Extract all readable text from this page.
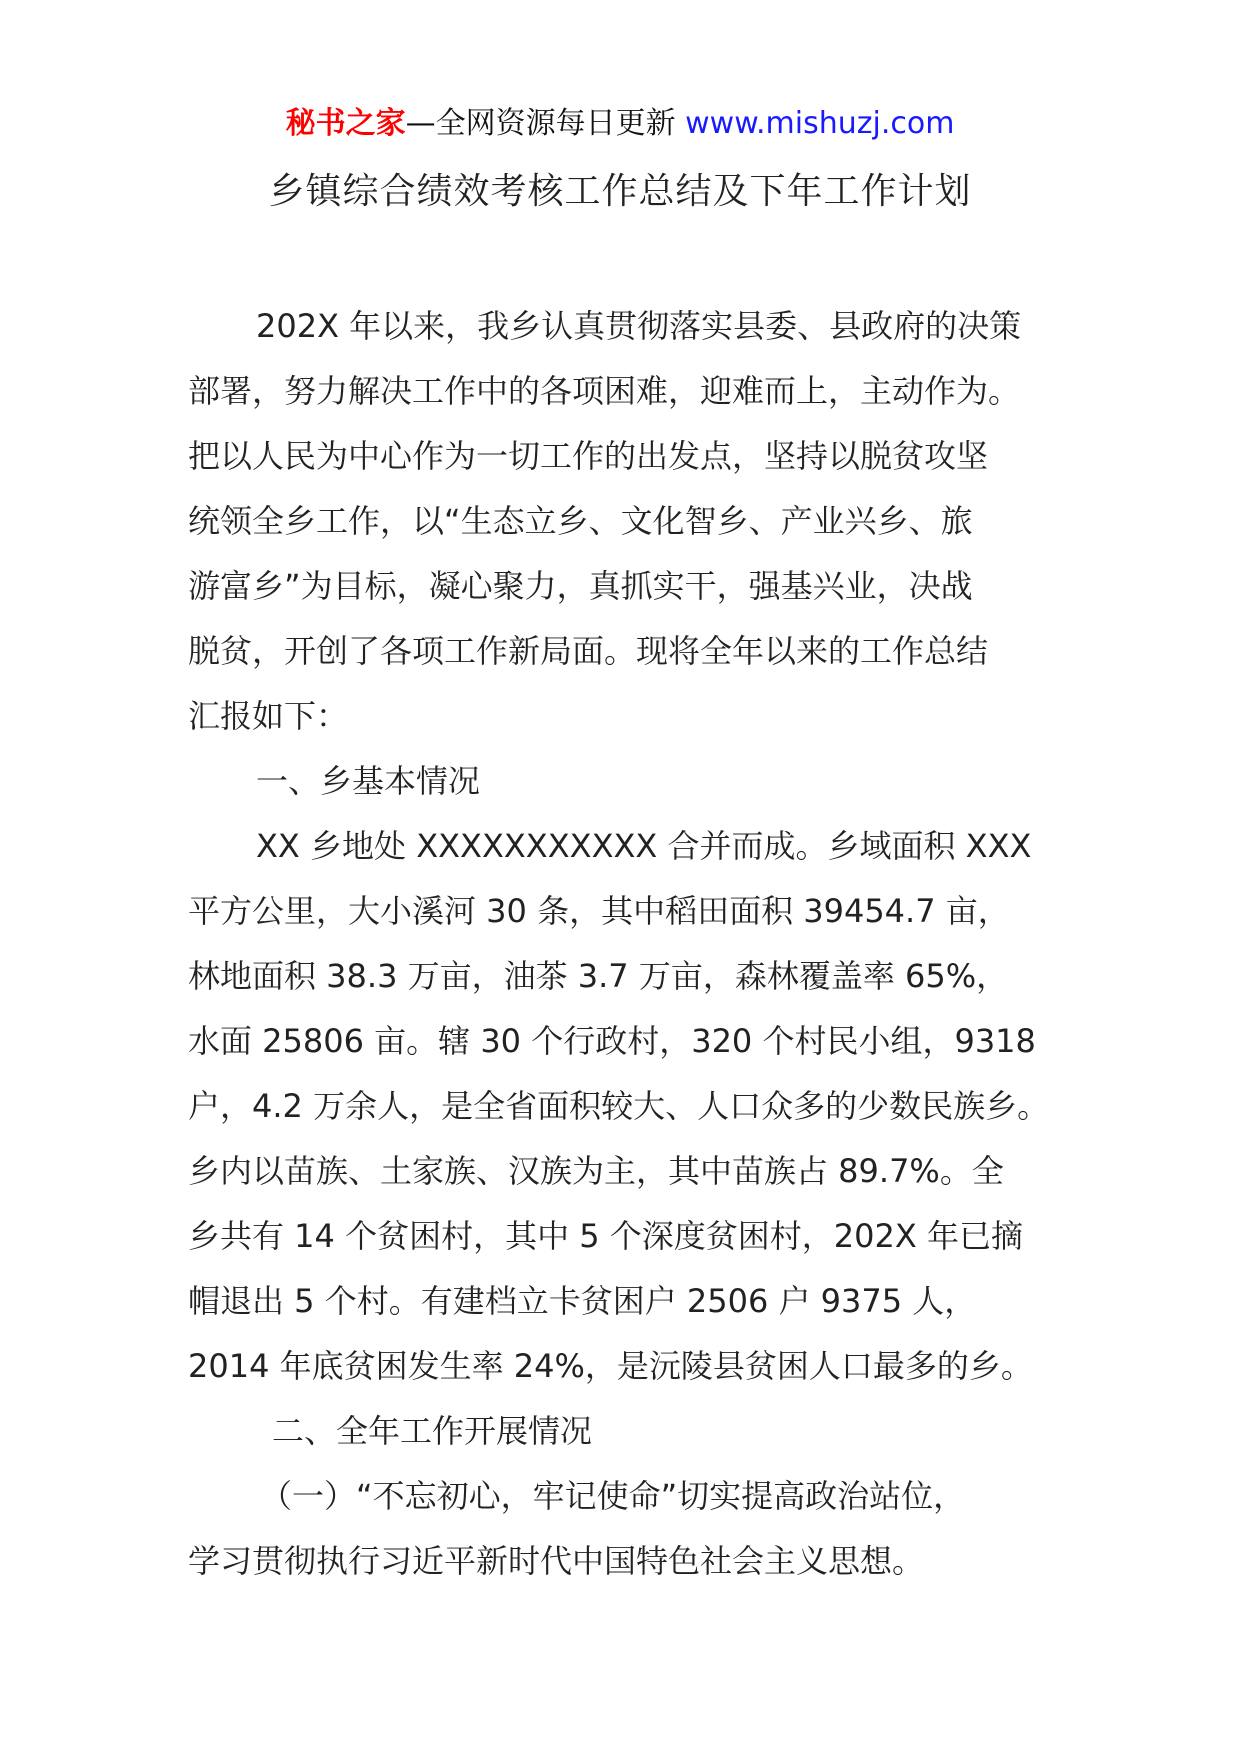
秘书之家—全网资源每日更新 www.mishuzj.com
乡镇综合绩效考核工作总结及下年工作计划
202X 年以来，我乡认真贯彻落实县委、县政府的决策
部署，努力解决工作中的各项困难，迎难而上，主动作为。
把以人民为中心作为一切工作的出发点，坚持以脱贫攻坚
统领全乡工作，以“生态立乡、文化智乡、产业兴乡、旅
游富乡”为目标，凝心聚力，真抓实干，强基兴业，决战
脱贫，开创了各项工作新局面。现将全年以来的工作总结
汇报如下：
一、乡基本情况
XX 乡地处 XXXXXXXXXXX 合并而成。乡域面积 XXX
平方公里，大小溪河 30 条，其中稻田面积 39454.7 亩，
林地面积 38.3 万亩，油茶 3.7 万亩，森林覆盖率 65%，
水面 25806 亩。辖 30 个行政村，320 个村民小组，9318
户，4.2 万余人，是全省面积较大、人口众多的少数民族乡。
乡内以苗族、土家族、汉族为主，其中苗族占 89.7%。全
乡共有 14 个贫困村，其中 5 个深度贫困村，202X 年已摘
帽退出 5 个村。有建档立卡贫困户 2506 户 9375 人，
2014 年底贫困发生率 24%，是沅陵县贫困人口最多的乡。
二、全年工作开展情况
（一）“不忘初心，牢记使命”切实提高政治站位，
学习贯彻执行习近平新时代中国特色社会主义思想。
